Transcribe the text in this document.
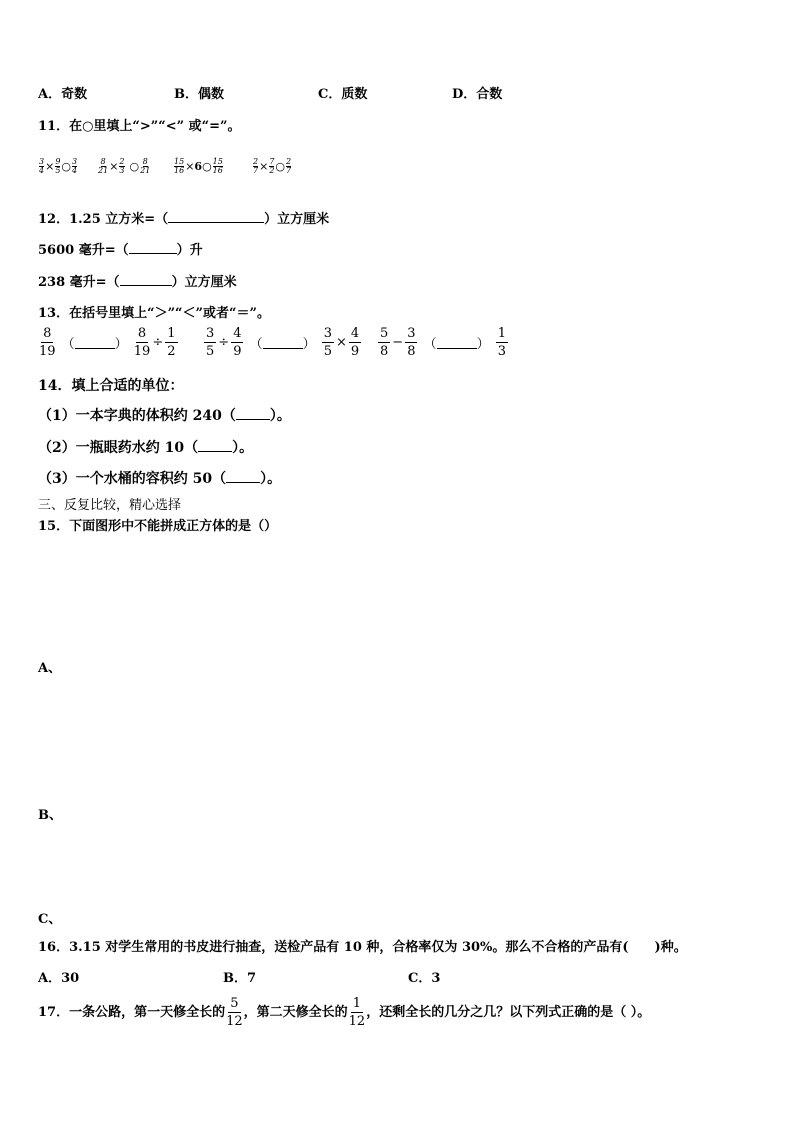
A．奇数	B．偶数	C．质数	D．合数
11．在○里填上“>”“<” 或“=”。
$\frac{3}{4} \times \frac{9}{5}$ ○ $\frac{3}{4}$	$\frac{8}{21} \times \frac{2}{3}$ ○ $\frac{8}{21}$	$\frac{15}{16}$ ×6○ $\frac{15}{16}$	$\frac{2}{7} \times \frac{7}{2}$ ○ $\frac{2}{7}$
12．1.25 立方米=（	）立方厘米
5600 毫升=（	）升
238 毫升=（	）立方厘米
13．在括号里填上“＞”“＜”或者“＝”。
$\frac{8}{19}$ （	） $\frac{8}{19} \div \frac{1}{2} \frac{3}{5} \div \frac{4}{9}$ （	） $\frac{3}{5} \times \frac{4}{9} \frac{5}{8} - \frac{3}{8}$ （	） $\frac{1}{3}$
14．填上合适的单位：
（1）一本字典的体积约 240（ ）。
（2）一瓶眼药水约 10（ ）。
（3）一个水桶的容积约 50（ ）。
三、反复比较，精心选择
15．下面图形中不能拼成正方体的是（）
A、
B、
C、
16．3.15 对学生常用的书皮进行抽查，送检产品有 10 种，合格率仅为 30%。那么不合格的产品有( )种。
A．30	B．7	C．3
17．一条公路，第一天修全长的 $\frac{5}{12}$ ，第二天修全长的 $\frac{1}{12}$ ，还剩全长的几分之几？以下列式正确的是（ ）。
